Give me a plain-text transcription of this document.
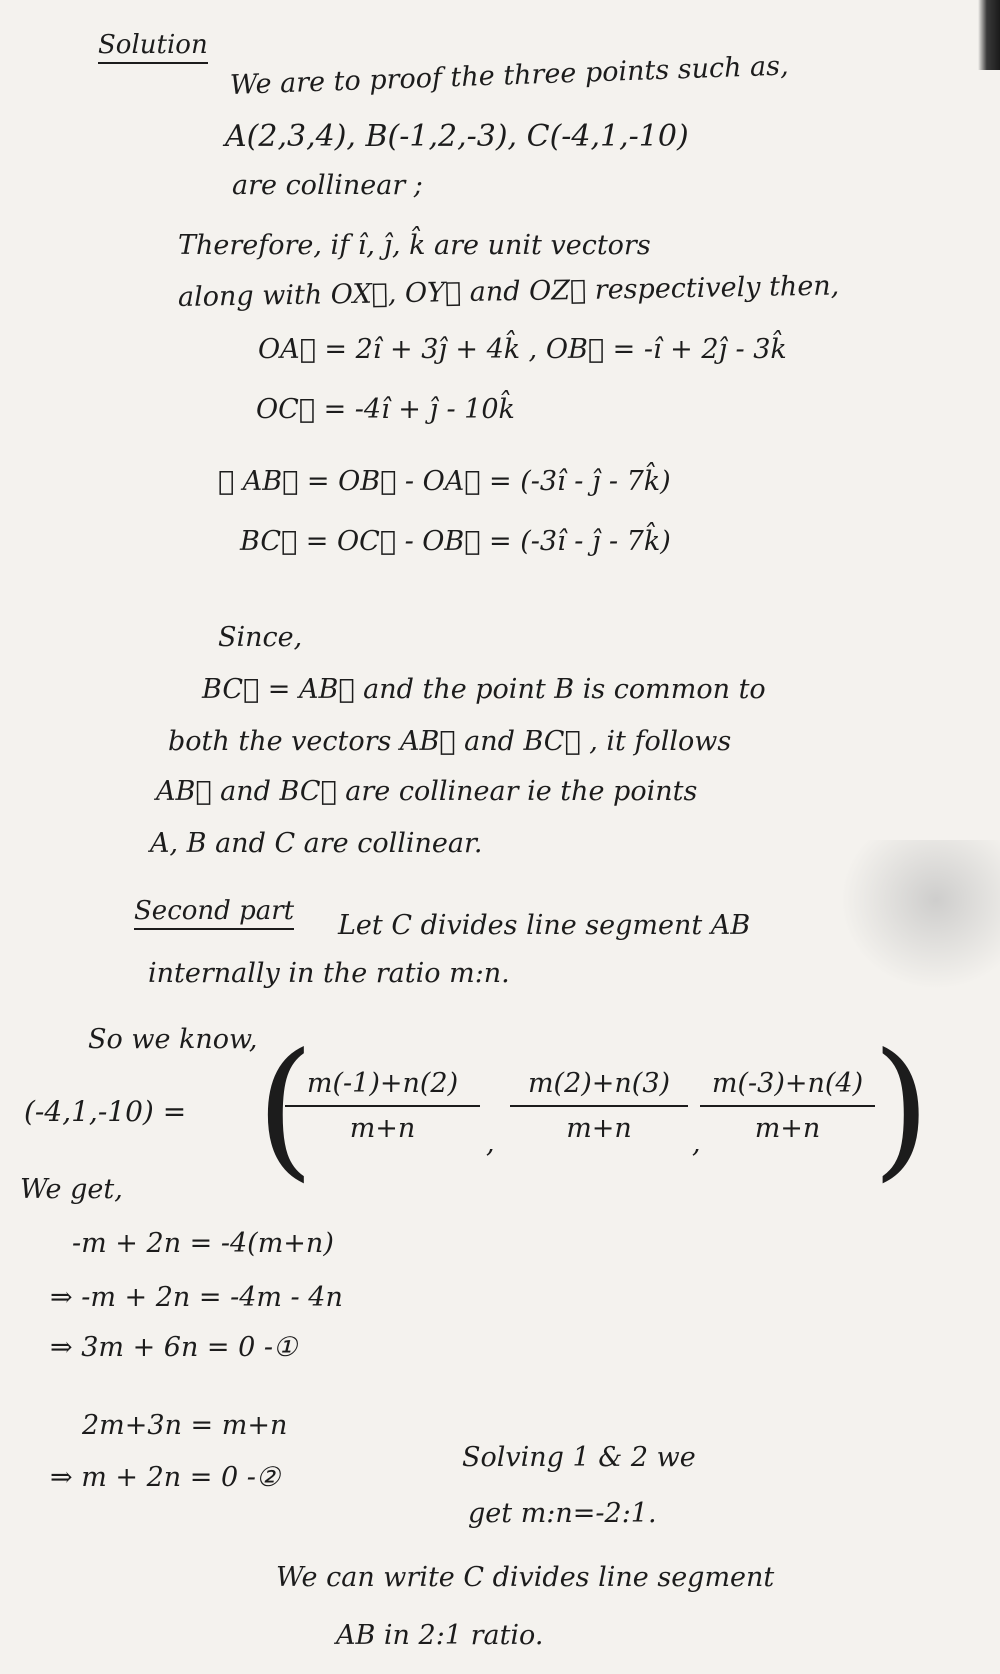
Solution
We are to proof the three points such as,
A(2,3,4), B(-1,2,-3), C(-4,1,-10)
are collinear ;
Therefore, if î, ĵ, k̂ are unit vectors
along with OX⃗, OY⃗ and OZ⃗ respectively then,
OA⃗ = 2î + 3ĵ + 4k̂ , OB⃗ = -î + 2ĵ - 3k̂
OC⃗ = -4î + ĵ - 10k̂
∴ AB⃗ = OB⃗ - OA⃗ = (-3î - ĵ - 7k̂)
BC⃗ = OC⃗ - OB⃗ = (-3î - ĵ - 7k̂)
Since,
BC⃗ = AB⃗ and the point B is common to
both the vectors AB⃗ and BC⃗ , it follows
AB⃗ and BC⃗ are collinear ie the points
A, B and C are collinear.
Second part Let C divides line segment AB
internally in the ratio m:n.
So we know,
(-4,1,-10) = (
$\frac{m(-1)+n(2)}{m+n}$ , $\frac{m(2)+n(3)}{m+n}$ , $\frac{m(-3)+n(4)}{m+n}$
)
We get,
-m + 2n = -4(m+n)
⇒ -m + 2n = -4m - 4n
⇒ 3m + 6n = 0 -①
2m+3n = m+n
⇒ m + 2n = 0 -②
Solving 1 & 2 we
get m:n=-2:1.
We can write C divides line segment
AB in 2:1 ratio.
